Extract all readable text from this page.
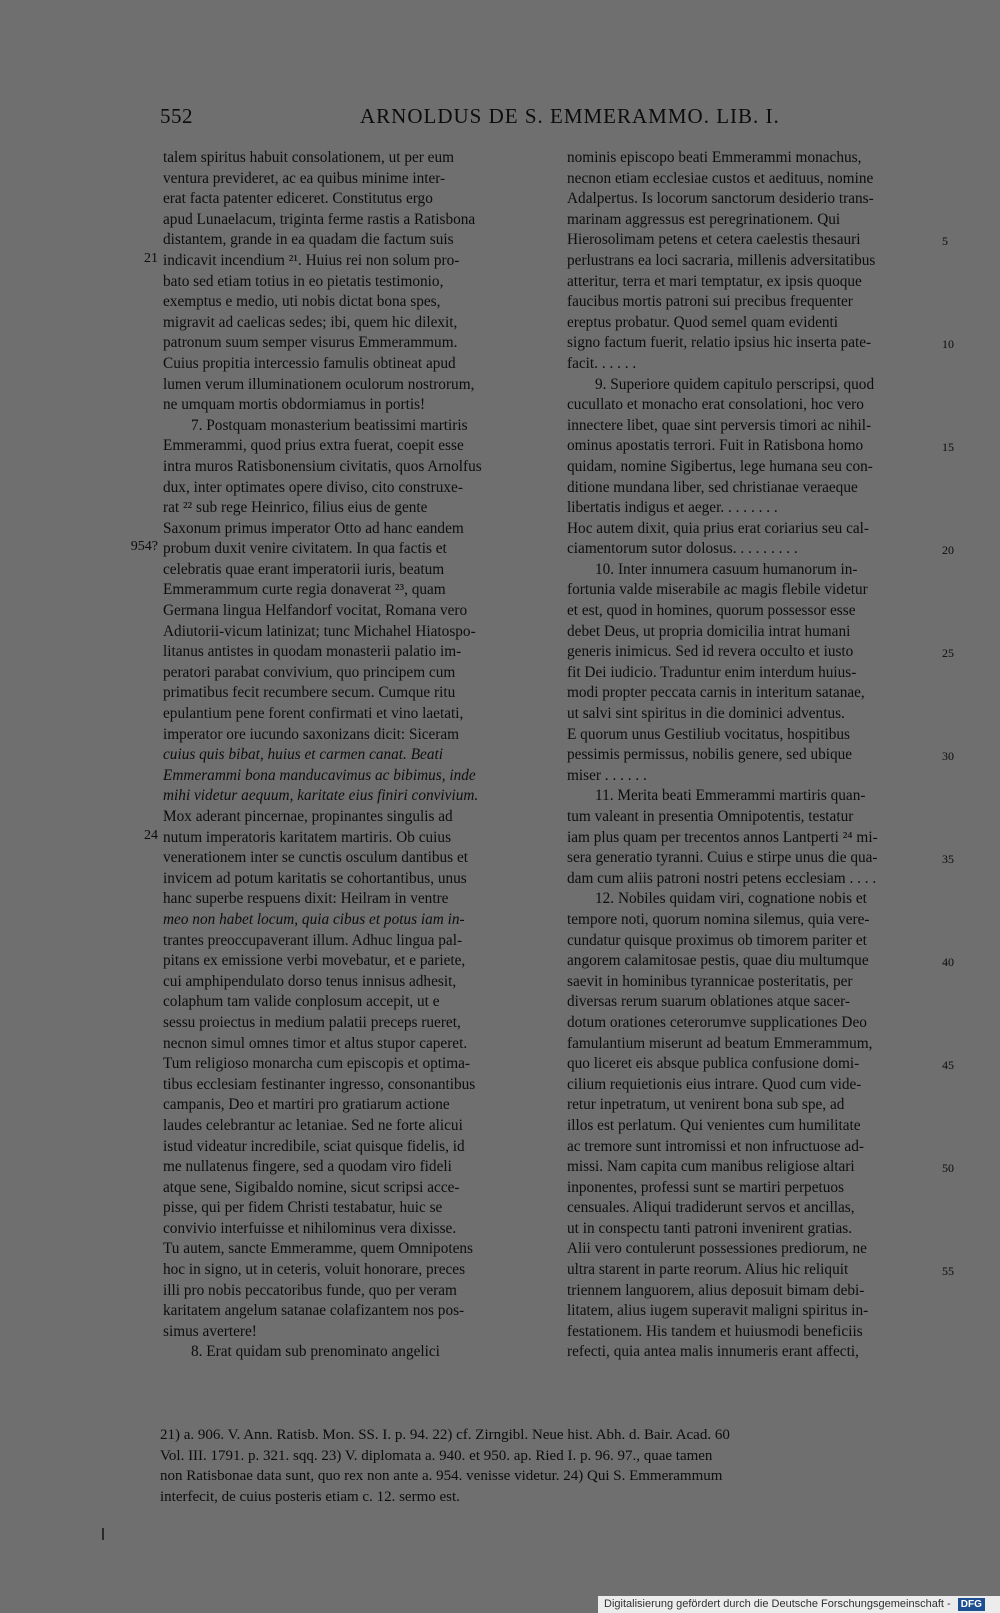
552	ARNOLDUS DE S. EMMERAMMO. LIB. I.
talem spiritus habuit consolationem, ut per eum
ventura previderet, ac ea quibus minime inter-
erat facta patenter ediceret. Constitutus ergo
apud Lunaelacum, triginta ferme rastis a Ratisbona
distantem, grande in ea quadam die factum suis
indicavit incendium ²¹. Huius rei non solum pro-
bato sed etiam totius in eo pietatis testimonio,
exemptus e medio, uti nobis dictat bona spes,
migravit ad caelicas sedes; ibi, quem hic dilexit,
patronum suum semper visurus Emmerammum.
Cuius propitia intercessio famulis obtineat apud
lumen verum illuminationem oculorum nostrorum,
ne umquam mortis obdormiamus in portis!
7. Postquam monasterium beatissimi martiris
Emmerammi, quod prius extra fuerat, coepit esse
intra muros Ratisbonensium civitatis, quos Arnolfus
dux, inter optimates opere diviso, cito construxe-
rat ²² sub rege Heinrico, filius eius de gente
Saxonum primus imperator Otto ad hanc eandem
probum duxit venire civitatem. In qua factis et
celebratis quae erant imperatorii iuris, beatum
Emmerammum curte regia donaverat ²³, quam
Germana lingua Helfandorf vocitat, Romana vero
Adiutorii-vicum latinizat; tunc Michahel Hiatospo-
litanus antistes in quodam monasterii palatio im-
peratori parabat convivium, quo principem cum
primatibus fecit recumbere secum. Cumque ritu
epulantium pene forent confirmati et vino laetati,
imperator ore iucundo saxonizans dicit: Siceram
cuius quis bibat, huius et carmen canat. Beati
Emmerammi bona manducavimus ac bibimus, inde
mihi videtur aequum, karitate eius finiri convivium.
Mox aderant pincernae, propinantes singulis ad
nutum imperatoris karitatem martiris. Ob cuius
venerationem inter se cunctis osculum dantibus et
invicem ad potum karitatis se cohortantibus, unus
hanc superbe respuens dixit: Heilram in ventre
meo non habet locum, quia cibus et potus iam in-
trantes preoccupaverant illum. Adhuc lingua pal-
pitans ex emissione verbi movebatur, et e pariete,
cui amphipendulato dorso tenus innisus adhesit,
colaphum tam valide conplosum accepit, ut e
sessu proiectus in medium palatii preceps rueret,
necnon simul omnes timor et altus stupor caperet.
Tum religioso monarcha cum episcopis et optima-
tibus ecclesiam festinanter ingresso, consonantibus
campanis, Deo et martiri pro gratiarum actione
laudes celebrantur ac letaniae. Sed ne forte alicui
istud videatur incredibile, sciat quisque fidelis, id
me nullatenus fingere, sed a quodam viro fideli
atque sene, Sigibaldo nomine, sicut scripsi acce-
pisse, qui per fidem Christi testabatur, huic se
convivio interfuisse et nihilominus vera dixisse.
Tu autem, sancte Emmeramme, quem Omnipotens
hoc in signo, ut in ceteris, voluit honorare, preces
illi pro nobis peccatoribus funde, quo per veram
karitatem angelum satanae colafizantem nos pos-
simus avertere!
8. Erat quidam sub prenominato angelici
nominis episcopo beati Emmerammi monachus,
necnon etiam ecclesiae custos et aedituus, nomine
Adalpertus. Is locorum sanctorum desiderio trans-
marinam aggressus est peregrinationem. Qui
Hierosolimam petens et cetera caelestis thesauri
perlustrans ea loci sacraria, millenis adversitatibus
atteritur, terra et mari temptatur, ex ipsis quoque
faucibus mortis patroni sui precibus frequenter
ereptus probatur. Quod semel quam evidenti
signo factum fuerit, relatio ipsius hic inserta pate-
facit. . . . . .
9. Superiore quidem capitulo perscripsi, quod
cucullato et monacho erat consolationi, hoc vero
innectere libet, quae sint perversis timori ac nihil-
ominus apostatis terrori. Fuit in Ratisbona homo
quidam, nomine Sigibertus, lege humana seu con-
ditione mundana liber, sed christianae veraeque
libertatis indigus et aeger. . . . . . . .
Hoc autem dixit, quia prius erat coriarius seu cal-
ciamentorum sutor dolosus. . . . . . . . .
10. Inter innumera casuum humanorum in-
fortunia valde miserabile ac magis flebile videtur
et est, quod in homines, quorum possessor esse
debet Deus, ut propria domicilia intrat humani
generis inimicus. Sed id revera occulto et iusto
fit Dei iudicio. Traduntur enim interdum huius-
modi propter peccata carnis in interitum satanae,
ut salvi sint spiritus in die dominici adventus.
E quorum unus Gestiliub vocitatus, hospitibus
pessimis permissus, nobilis genere, sed ubique
miser . . . . . .
11. Merita beati Emmerammi martiris quan-
tum valeant in presentia Omnipotentis, testatur
iam plus quam per trecentos annos Lantperti ²⁴ mi-
sera generatio tyranni. Cuius e stirpe unus die qua-
dam cum aliis patroni nostri petens ecclesiam . . . .
12. Nobiles quidam viri, cognatione nobis et
tempore noti, quorum nomina silemus, quia vere-
cundatur quisque proximus ob timorem pariter et
angorem calamitosae pestis, quae diu multumque
saevit in hominibus tyrannicae posteritatis, per
diversas rerum suarum oblationes atque sacer-
dotum orationes ceterorumve supplicationes Deo
famulantium miserunt ad beatum Emmerammum,
quo liceret eis absque publica confusione domi-
cilium requietionis eius intrare. Quod cum vide-
retur inpetratum, ut venirent bona sub spe, ad
illos est perlatum. Qui venientes cum humilitate
ac tremore sunt intromissi et non infructuose ad-
missi. Nam capita cum manibus religiose altari
inponentes, professi sunt se martiri perpetuos
censuales. Aliqui tradiderunt servos et ancillas,
ut in conspectu tanti patroni invenirent gratias.
Alii vero contulerunt possessiones prediorum, ne
ultra starent in parte reorum. Alius hic reliquit
triennem languorem, alius deposuit bimam debi-
litatem, alius iugem superavit maligni spiritus in-
festationem. His tandem et huiusmodi beneficiis
refecti, quia antea malis innumeris erant affecti,
21
954?
24
5
10
15
20
25
30
35
40
45
50
55
21) a. 906. V. Ann. Ratisb. Mon. SS. I. p. 94. 22) cf. Zirngibl. Neue hist. Abh. d. Bair. Acad. 60
Vol. III. 1791. p. 321. sqq. 23) V. diplomata a. 940. et 950. ap. Ried I. p. 96. 97., quae tamen
non Ratisbonae data sunt, quo rex non ante a. 954. venisse videtur. 24) Qui S. Emmerammum
interfecit, de cuius posteris etiam c. 12. sermo est.
Digitalisierung gefördert durch die Deutsche Forschungsgemeinschaft - DFG
